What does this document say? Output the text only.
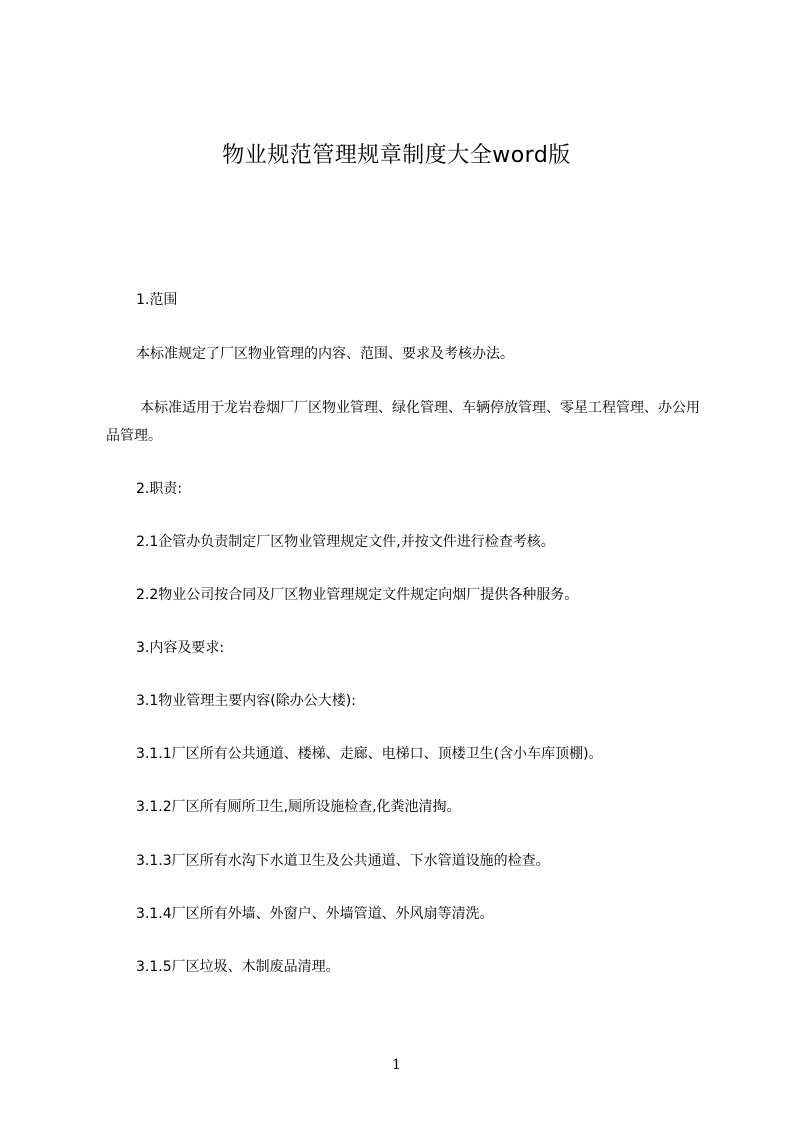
物业规范管理规章制度大全word版
1.范围
本标准规定了厂区物业管理的内容、范围、要求及考核办法。
本标准适用于龙岩卷烟厂厂区物业管理、绿化管理、车辆停放管理、零星工程管理、办公用品管理。
2.职责:
2.1企管办负责制定厂区物业管理规定文件,并按文件进行检查考核。
2.2物业公司按合同及厂区物业管理规定文件规定向烟厂提供各种服务。
3.内容及要求:
3.1物业管理主要内容(除办公大楼):
3.1.1厂区所有公共通道、楼梯、走廊、电梯口、顶楼卫生(含小车库顶棚)。
3.1.2厂区所有厕所卫生,厕所设施检查,化粪池清掏。
3.1.3厂区所有水沟下水道卫生及公共通道、下水管道设施的检查。
3.1.4厂区所有外墙、外窗户、外墙管道、外风扇等清洗。
3.1.5厂区垃圾、木制废品清理。
1
